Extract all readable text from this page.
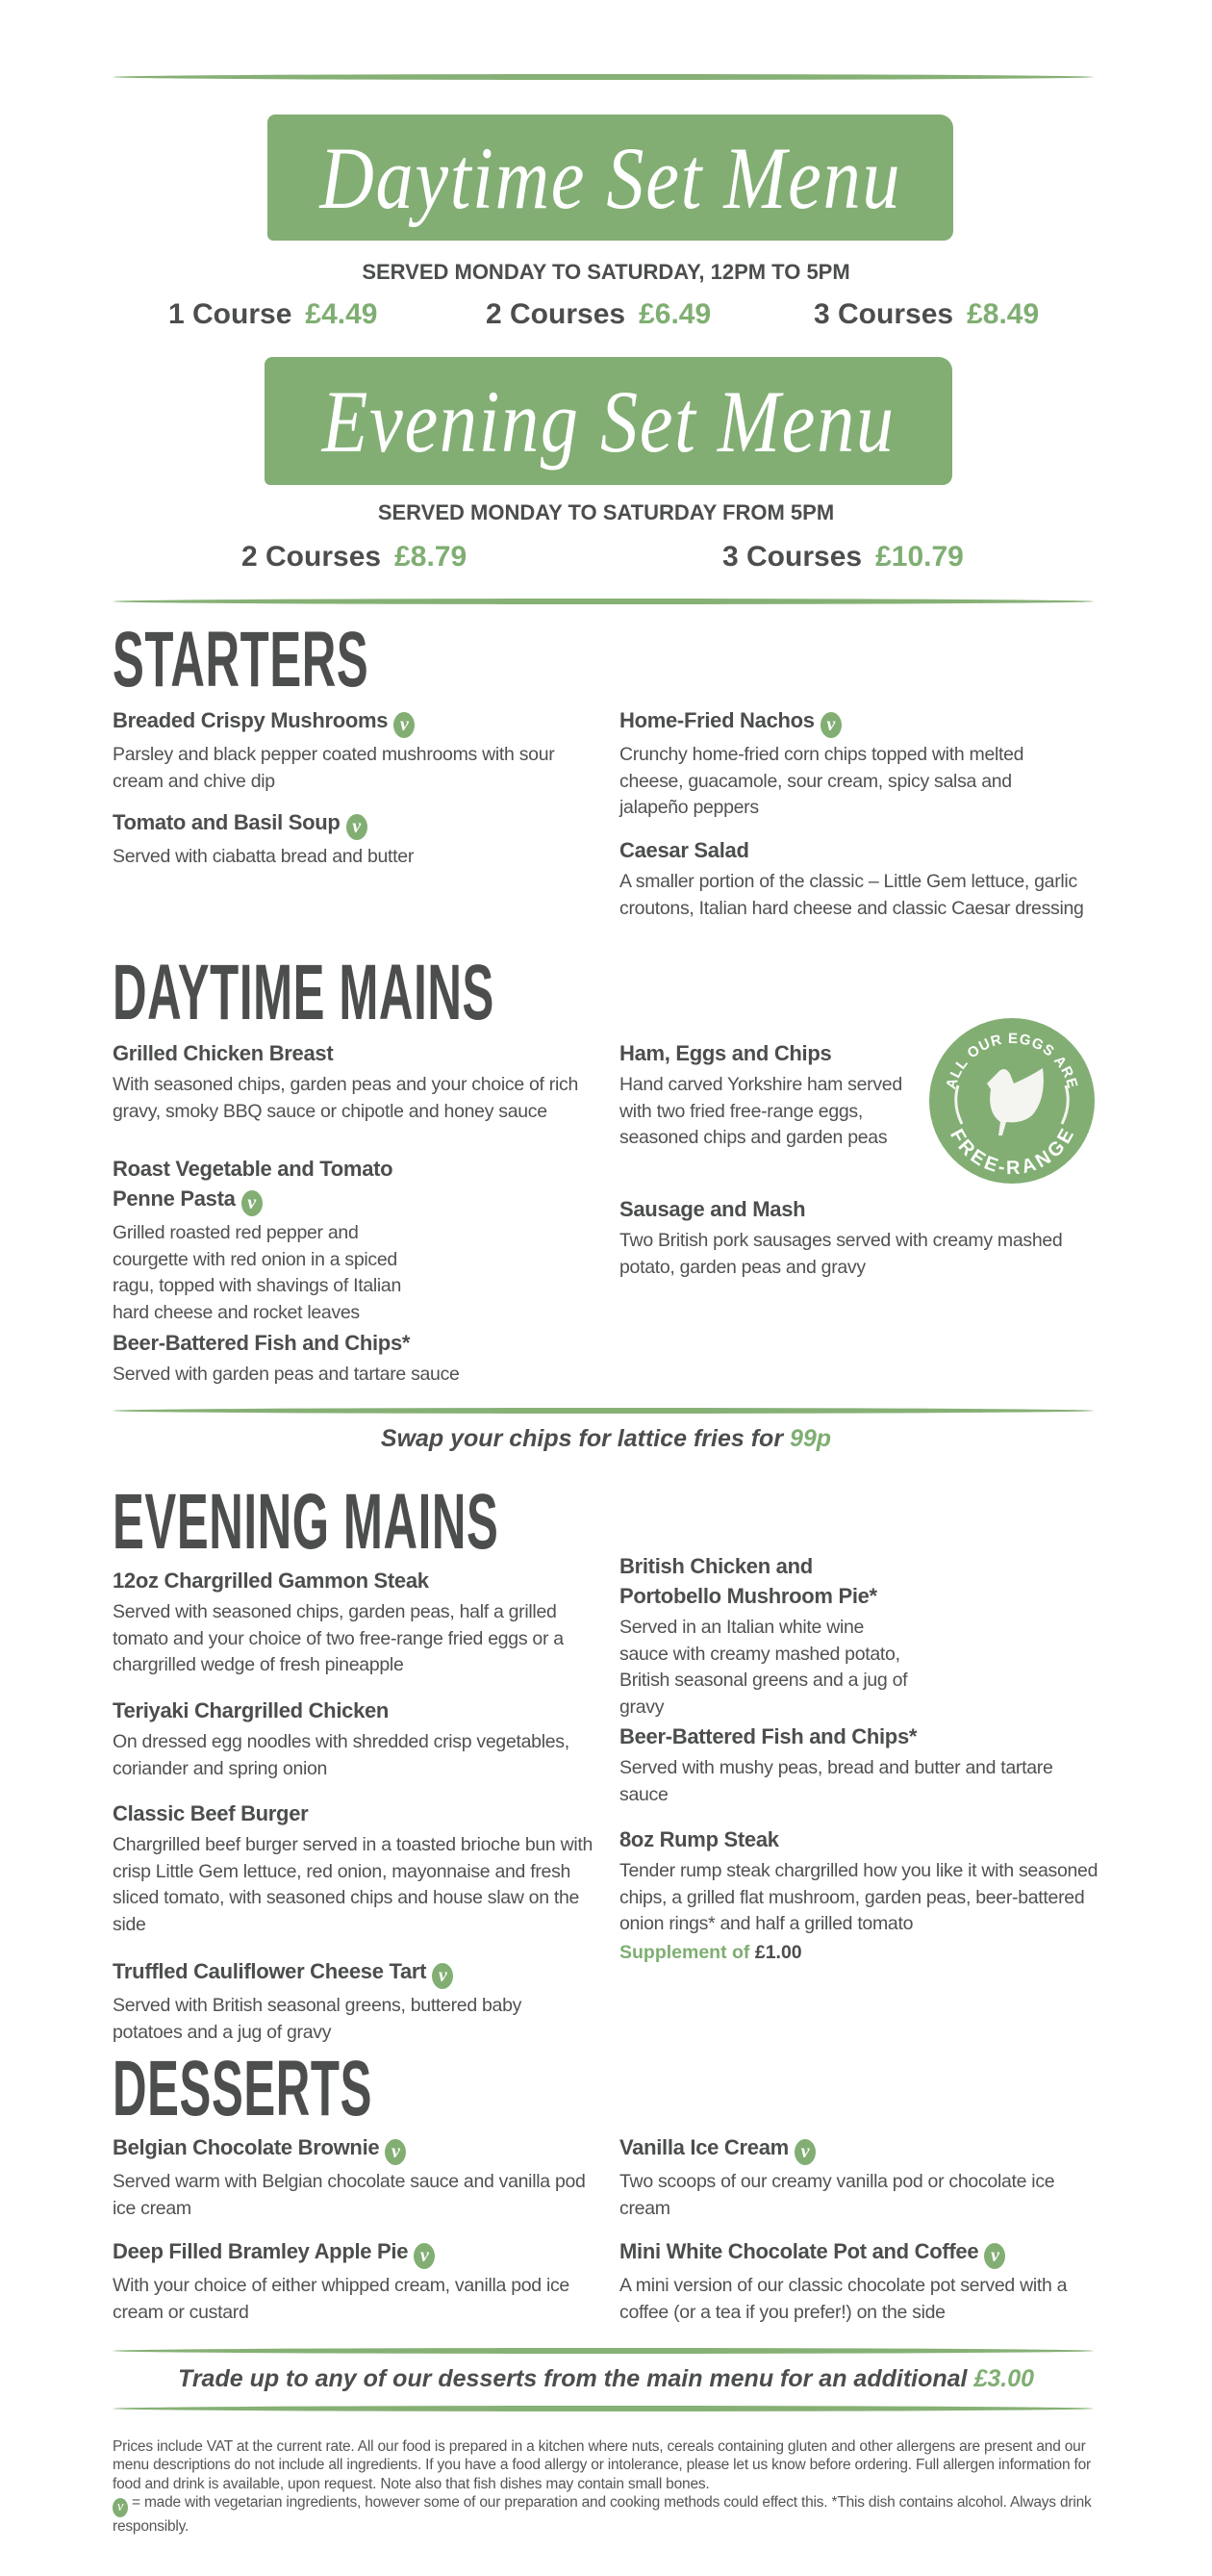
Daytime Set Menu
SERVED MONDAY TO SATURDAY, 12PM TO 5PM
1 Course £4.49	2 Courses £6.49	3 Courses £8.49
Evening Set Menu
SERVED MONDAY TO SATURDAY FROM 5PM
2 Courses £8.79	3 Courses £10.79
STARTERS
Breaded Crispy Mushrooms v
Parsley and black pepper coated mushrooms with sour cream and chive dip
Tomato and Basil Soup v
Served with ciabatta bread and butter
Home-Fried Nachos v
Crunchy home-fried corn chips topped with melted cheese, guacamole, sour cream, spicy salsa and jalapeño peppers
Caesar Salad
A smaller portion of the classic – Little Gem lettuce, garlic croutons, Italian hard cheese and classic Caesar dressing
DAYTIME MAINS
Grilled Chicken Breast
With seasoned chips, garden peas and your choice of rich gravy, smoky BBQ sauce or chipotle and honey sauce
Roast Vegetable and Tomato Penne Pasta v
Grilled roasted red pepper and courgette with red onion in a spiced ragu, topped with shavings of Italian hard cheese and rocket leaves
Beer-Battered Fish and Chips*
Served with garden peas and tartare sauce
Ham, Eggs and Chips
Hand carved Yorkshire ham served with two fried free-range eggs, seasoned chips and garden peas
Sausage and Mash
Two British pork sausages served with creamy mashed potato, garden peas and gravy
EVENING MAINS
12oz Chargrilled Gammon Steak
Served with seasoned chips, garden peas, half a grilled tomato and your choice of two free-range fried eggs or a chargrilled wedge of fresh pineapple
Teriyaki Chargrilled Chicken
On dressed egg noodles with shredded crisp vegetables, coriander and spring onion
Classic Beef Burger
Chargrilled beef burger served in a toasted brioche bun with crisp Little Gem lettuce, red onion, mayonnaise and fresh sliced tomato, with seasoned chips and house slaw on the side
Truffled Cauliflower Cheese Tart v
Served with British seasonal greens, buttered baby potatoes and a jug of gravy
British Chicken and Portobello Mushroom Pie*
Served in an Italian white wine sauce with creamy mashed potato, British seasonal greens and a jug of gravy
Beer-Battered Fish and Chips*
Served with mushy peas, bread and butter and tartare sauce
8oz Rump Steak
Tender rump steak chargrilled how you like it with seasoned chips, a grilled flat mushroom, garden peas, beer-battered onion rings* and half a grilled tomato
Supplement of £1.00
DESSERTS
Belgian Chocolate Brownie v
Served warm with Belgian chocolate sauce and vanilla pod ice cream
Deep Filled Bramley Apple Pie v
With your choice of either whipped cream, vanilla pod ice cream or custard
Vanilla Ice Cream v
Two scoops of our creamy vanilla pod or chocolate ice cream
Mini White Chocolate Pot and Coffee v
A mini version of our classic chocolate pot served with a coffee (or a tea if you prefer!) on the side
ALL OUR EGGS ARE
FREE-RANGE
Swap your chips for lattice fries for 99p
Trade up to any of our desserts from the main menu for an additional £3.00
Prices include VAT at the current rate. All our food is prepared in a kitchen where nuts, cereals containing gluten and other allergens are present and our menu descriptions do not include all ingredients. If you have a food allergy or intolerance, please let us know before ordering. Full allergen information for food and drink is available, upon request. Note also that fish dishes may contain small bones.
v = made with vegetarian ingredients, however some of our preparation and cooking methods could effect this. *This dish contains alcohol. Always drink responsibly.
